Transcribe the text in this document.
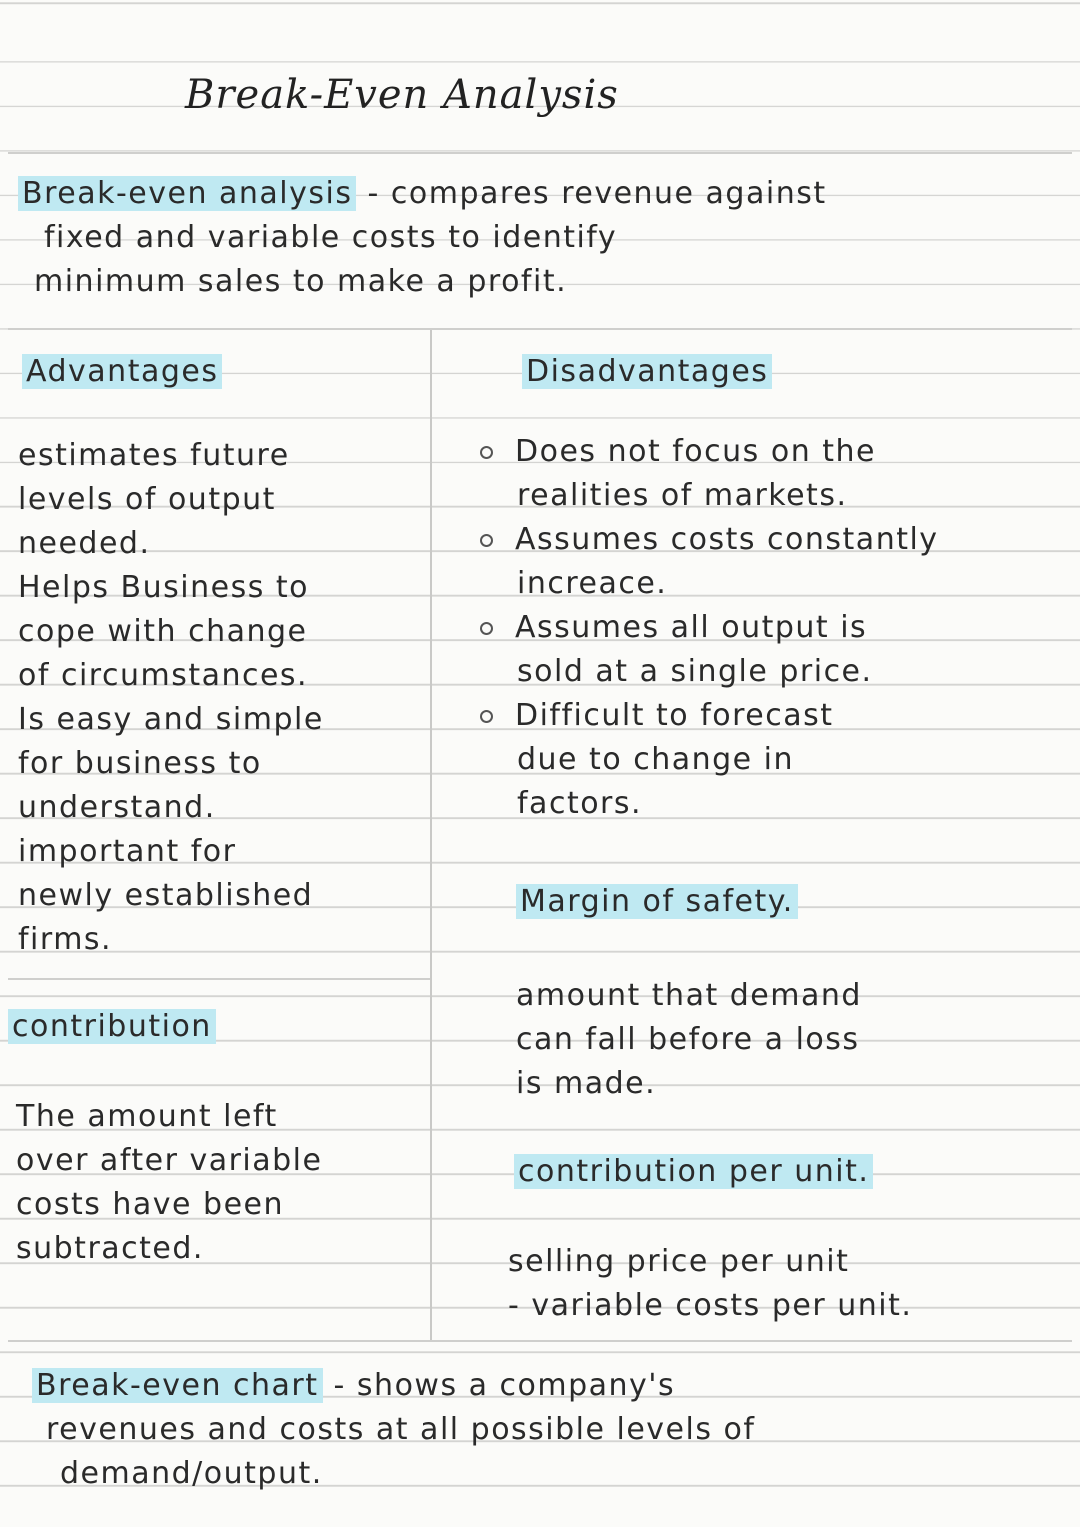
Break-Even Analysis
Break-even analysis - compares revenue against
fixed and variable costs to identify
minimum sales to make a profit.
Advantages
estimates future
levels of output
needed.
Helps Business to
cope with change
of circumstances.
Is easy and simple
for business to
understand.
important for
newly established
firms.
Disadvantages
Does not focus on the
realities of markets.
Assumes costs constantly
increace.
Assumes all output is
sold at a single price.
Difficult to forecast
due to change in
factors.
contribution
The amount left
over after variable
costs have been
subtracted.
Margin of safety.
amount that demand
can fall before a loss
is made.
contribution per unit.
selling price per unit
- variable costs per unit.
Break-even chart - shows a company's
revenues and costs at all possible levels of
demand/output.
